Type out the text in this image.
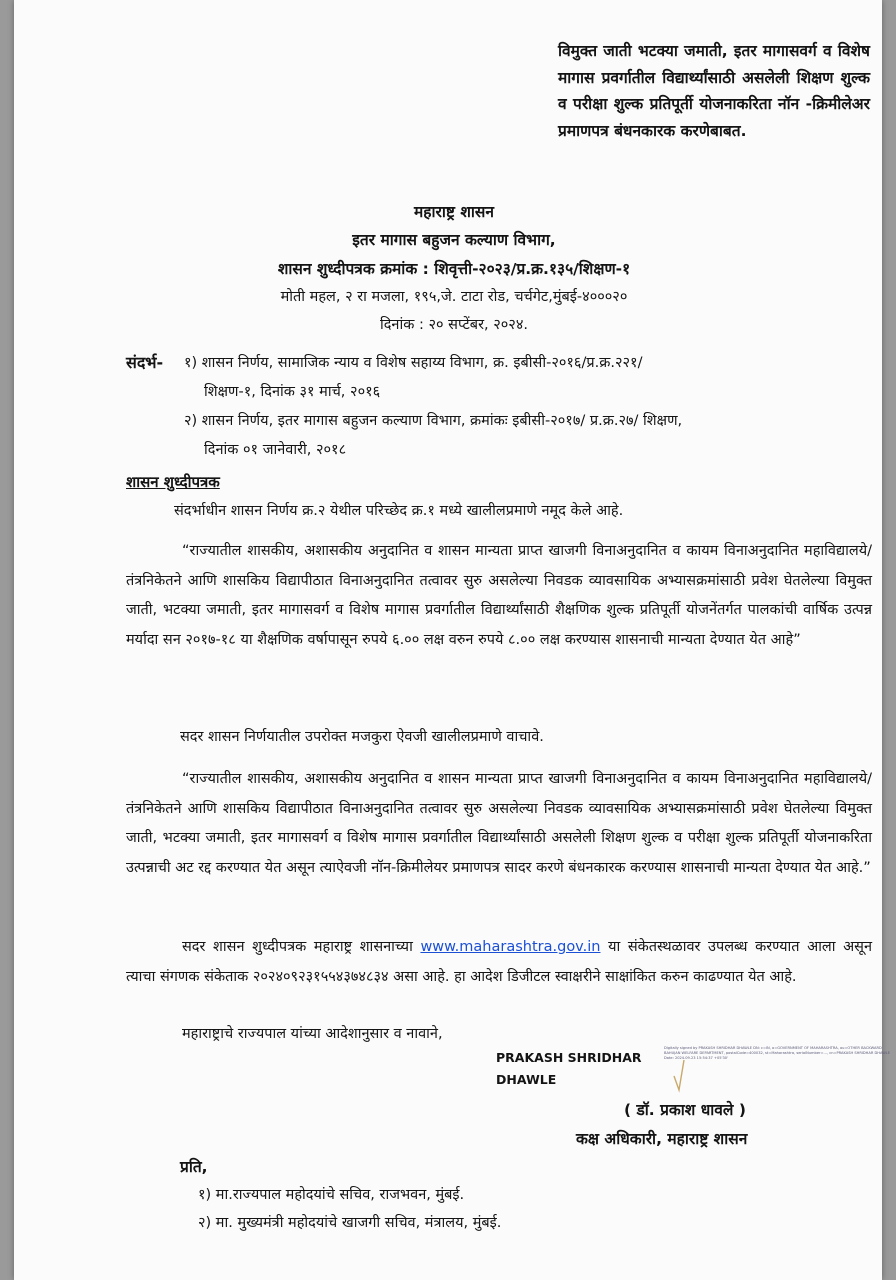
विमुक्त जाती भटक्या जमाती, इतर मागासवर्ग व विशेष मागास प्रवर्गातील विद्यार्थ्यांसाठी असलेली शिक्षण शुल्क व परीक्षा शुल्क प्रतिपूर्ती योजनाकरिता नॉन -क्रिमीलेअर प्रमाणपत्र बंधनकारक करणेबाबत.

महाराष्ट्र शासन
इतर मागास बहुजन कल्याण विभाग,
शासन शुध्दीपत्रक क्रमांक : शिवृत्ती-२०२३/प्र.क्र.१३५/शिक्षण-१
मोती महल, २ रा मजला, १९५,जे. टाटा रोड, चर्चगेट,मुंबई-४०००२०
दिनांक : २० सप्टेंबर, २०२४.
संदर्भ- १) शासन निर्णय, सामाजिक न्याय व विशेष सहाय्य विभाग, क्र. इबीसी-२०१६/प्र.क्र.२२१/
शिक्षण-१, दिनांक ३१ मार्च, २०१६
२) शासन निर्णय, इतर मागास बहुजन कल्याण विभाग, क्रमांकः इबीसी-२०१७/ प्र.क्र.२७/ शिक्षण,
दिनांक ०१ जानेवारी, २०१८
शासन शुध्दीपत्रक

संदर्भाधीन शासन निर्णय क्र.२ येथील परिच्छेद क्र.१ मध्ये खालीलप्रमाणे नमूद केले आहे.

“राज्यातील शासकीय, अशासकीय अनुदानित व शासन मान्यता प्राप्त खाजगी विनाअनुदानित व कायम विनाअनुदानित महाविद्यालये/तंत्रनिकेतने आणि शासकिय विद्यापीठात विनाअनुदानित तत्वावर सुरु असलेल्या निवडक व्यावसायिक अभ्यासक्रमांसाठी प्रवेश घेतलेल्या विमुक्त जाती, भटक्या जमाती, इतर मागासवर्ग व विशेष मागास प्रवर्गातील विद्यार्थ्यांसाठी शैक्षणिक शुल्क प्रतिपूर्ती योजनेंतर्गत पालकांची वार्षिक उत्पन्न मर्यादा सन २०१७-१८ या शैक्षणिक वर्षापासून रुपये ६.०० लक्ष वरुन रुपये ८.०० लक्ष करण्यास शासनाची मान्यता देण्यात येत आहे”

सदर शासन निर्णयातील उपरोक्त मजकुरा ऐवजी खालीलप्रमाणे वाचावे.

“राज्यातील शासकीय, अशासकीय अनुदानित व शासन मान्यता प्राप्त खाजगी विनाअनुदानित व कायम विनाअनुदानित महाविद्यालये/तंत्रनिकेतने आणि शासकिय विद्यापीठात विनाअनुदानित तत्वावर सुरु असलेल्या निवडक व्यावसायिक अभ्यासक्रमांसाठी प्रवेश घेतलेल्या विमुक्त जाती, भटक्या जमाती, इतर मागासवर्ग व विशेष मागास प्रवर्गातील विद्यार्थ्यांसाठी असलेली शिक्षण शुल्क व परीक्षा शुल्क प्रतिपूर्ती योजनाकरिता उत्पन्नाची अट रद्द करण्यात येत असून त्याऐवजी नॉन-क्रिमीलेयर प्रमाणपत्र सादर करणे बंधनकारक करण्यास शासनाची मान्यता देण्यात येत आहे.”

सदर शासन शुध्दीपत्रक महाराष्ट्र शासनाच्या www.maharashtra.gov.in या संकेतस्थळावर उपलब्ध करण्यात आला असून त्याचा संगणक संकेताक २०२४०९२३१५५४३७४८३४ असा आहे. हा आदेश डिजीटल स्वाक्षरीने साक्षांकित करुन काढण्यात येत आहे.

महाराष्ट्राचे राज्यपाल यांच्या आदेशानुसार व नावाने,

PRAKASH SHRIDHAR
DHAWLE
Digitally signed by PRAKASH SHRIDHAR DHAWLE DN: c=IN, o=GOVERNMENT OF MAHARASHTRA, ou=OTHER BACKWARD BAHUJAN WELFARE DEPARTMENT, postalCode=400032, st=Maharashtra, serialNumber=..., cn=PRAKASH SHRIDHAR DHAWLE Date: 2024.09.23 15:54:37 +05'30'
( डॉ. प्रकाश धावले )
कक्ष अधिकारी, महाराष्ट्र शासन
प्रति,
१) मा.राज्यपाल महोदयांचे सचिव, राजभवन, मुंबई.
२) मा. मुख्यमंत्री महोदयांचे खाजगी सचिव, मंत्रालय, मुंबई.
